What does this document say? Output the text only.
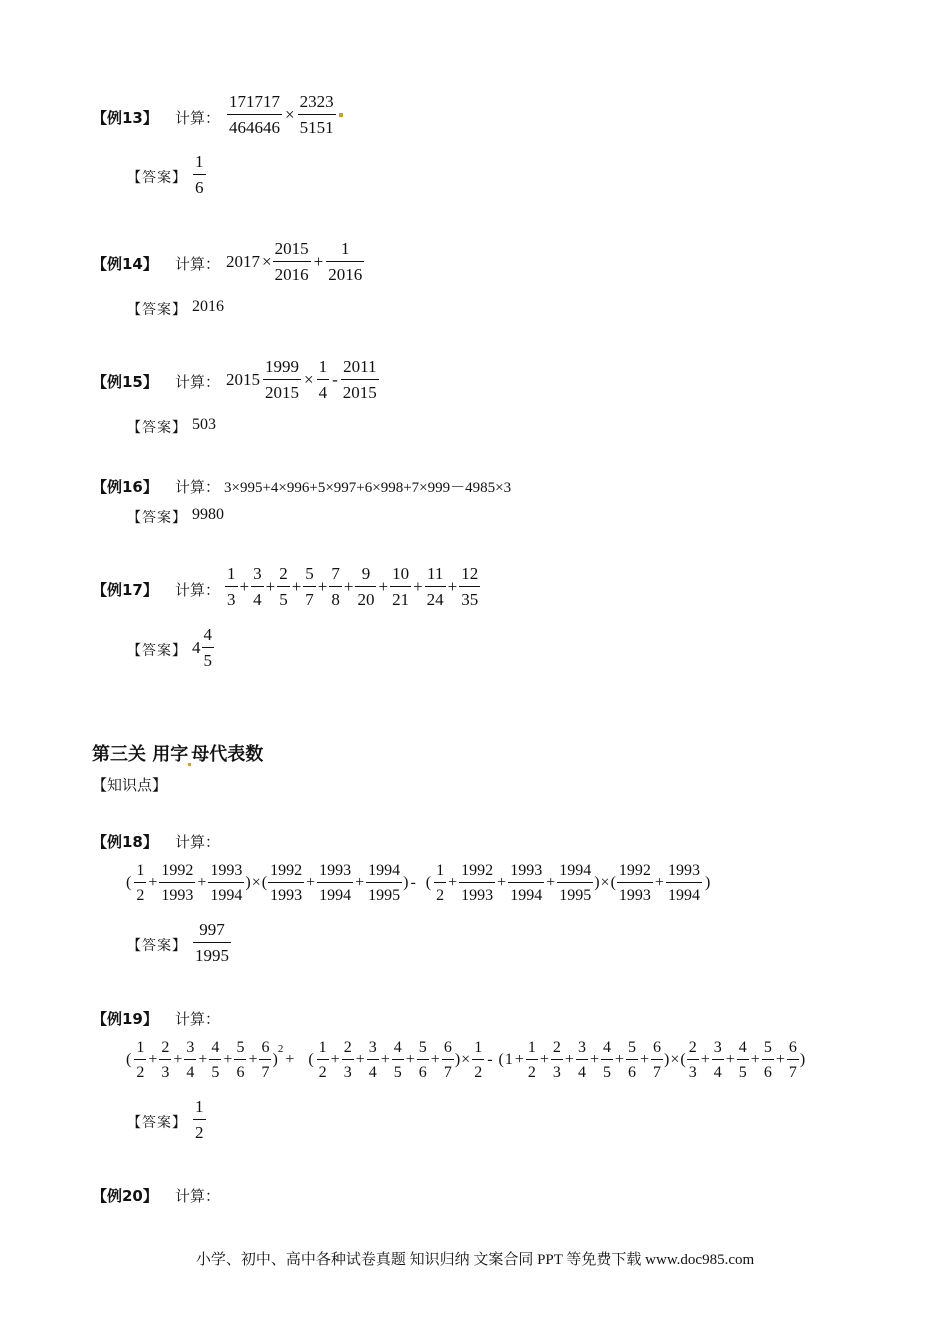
【例13】 计算： $\frac{171717}{464646} \times \frac{2323}{5151}$
【答案】 $\frac{1}{6}$
【例14】 计算： $2017 \times \frac{2015}{2016} + \frac{1}{2016}$
【答案】 2016
【例15】 计算： $2015 \frac{1999}{2015} \times \frac{1}{4} - \frac{2011}{2015}$
【答案】 503
【例16】 计算： 3×995+4×996+5×997+6×998+7×999－4985×3
【答案】 9980
【例17】 计算： $\frac{1}{3} + \frac{3}{4} + \frac{2}{5} + \frac{5}{7} + \frac{7}{8} + \frac{9}{20} + \frac{10}{21} + \frac{11}{24} + \frac{12}{35}$
【答案】 $4 \frac{4}{5}$
第三关 用字 母代表数
【知识点】
【例18】 计算：
( $\frac{1}{2} + \frac{1992}{1993} + \frac{1993}{1994}$ ) × ( $\frac{1992}{1993} + \frac{1993}{1994} + \frac{1994}{1995}$ ) - ( $\frac{1}{2} + \frac{1992}{1993} + \frac{1993}{1994} + \frac{1994}{1995}$ ) × ( $\frac{1992}{1993} + \frac{1993}{1994}$ )
【答案】 $\frac{997}{1995}$
【例19】 计算：
( $\frac{1}{2} + \frac{2}{3} + \frac{3}{4} + \frac{4}{5} + \frac{5}{6} + \frac{6}{7}$ )
2
+ ( $\frac{1}{2} + \frac{2}{3} + \frac{3}{4} + \frac{4}{5} + \frac{5}{6} + \frac{6}{7}$ ) × $\frac{1}{2}$ - ( $1 + \frac{1}{2} + \frac{2}{3} + \frac{3}{4} + \frac{4}{5} + \frac{5}{6} + \frac{6}{7}$ ) × ( $\frac{2}{3} + \frac{3}{4} + \frac{4}{5} + \frac{5}{6} + \frac{6}{7}$ )
【答案】 $\frac{1}{2}$
【例20】 计算：
小学、初中、高中各种试卷真题 知识归纳 文案合同 PPT 等免费下载 www.doc985.com
